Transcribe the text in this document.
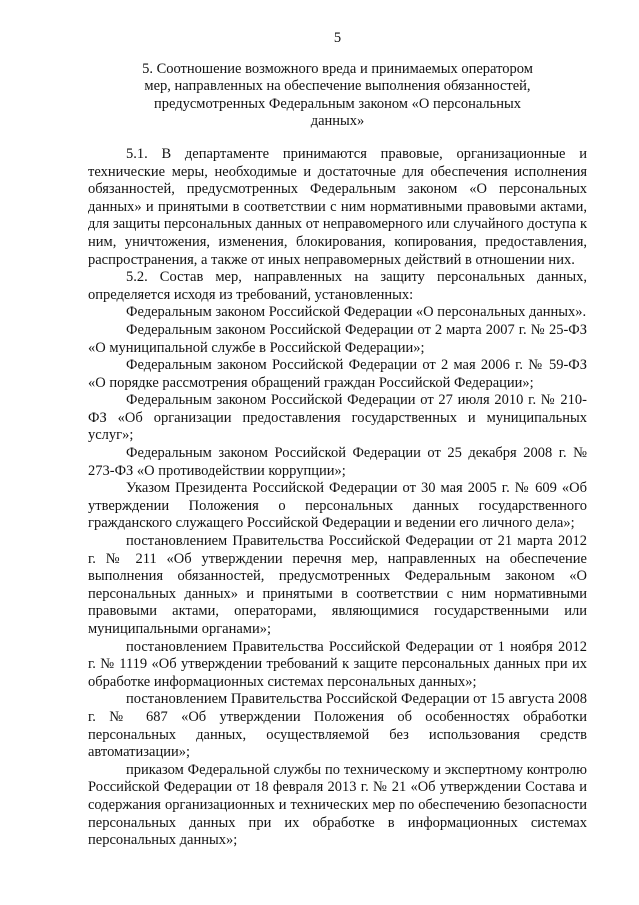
5
5. Соотношение возможного вреда и принимаемых оператором
мер, направленных на обеспечение выполнения обязанностей,
предусмотренных Федеральным законом «О персональных
данных»

5.1. В департаменте принимаются правовые, организационные и технические меры, необходимые и достаточные для обеспечения исполнения обязанностей, предусмотренных Федеральным законом «О персональных данных» и принятыми в соответствии с ним нормативными правовыми актами, для защиты персональных данных от неправомерного или случайного доступа к ним, уничтожения, изменения, блокирования, копирования, предоставления, распространения, а также от иных неправомерных действий в отношении них.

5.2. Состав мер, направленных на защиту персональных данных, определяется исходя из требований, установленных:

Федеральным законом Российской Федерации «О персональных данных».

Федеральным законом Российской Федерации от 2 марта 2007 г. № 25-ФЗ «О муниципальной службе в Российской Федерации»;

Федеральным законом Российской Федерации от 2 мая 2006 г. № 59-ФЗ «О порядке рассмотрения обращений граждан Российской Федерации»;

Федеральным законом Российской Федерации от 27 июля 2010 г. № 210-ФЗ «Об организации предоставления государственных и муниципальных услуг»;

Федеральным законом Российской Федерации от 25 декабря 2008 г. № 273-ФЗ «О противодействии коррупции»;

Указом Президента Российской Федерации от 30 мая 2005 г. № 609 «Об утверждении Положения о персональных данных государственного гражданского служащего Российской Федерации и ведении его личного дела»;

постановлением Правительства Российской Федерации от 21 марта 2012 г. № 211 «Об утверждении перечня мер, направленных на обеспечение выполнения обязанностей, предусмотренных Федеральным законом «О персональных данных» и принятыми в соответствии с ним нормативными правовыми актами, операторами, являющимися государственными или муниципальными органами»;

постановлением Правительства Российской Федерации от 1 ноября 2012 г. № 1119 «Об утверждении требований к защите персональных данных при их обработке информационных системах персональных данных»;

постановлением Правительства Российской Федерации от 15 августа 2008 г. № 687 «Об утверждении Положения об особенностях обработки персональных данных, осуществляемой без использования средств автоматизации»;

приказом Федеральной службы по техническому и экспертному контролю Российской Федерации от 18 февраля 2013 г. № 21 «Об утверждении Состава и содержания организационных и технических мер по обеспечению безопасности персональных данных при их обработке в информационных системах персональных данных»;
